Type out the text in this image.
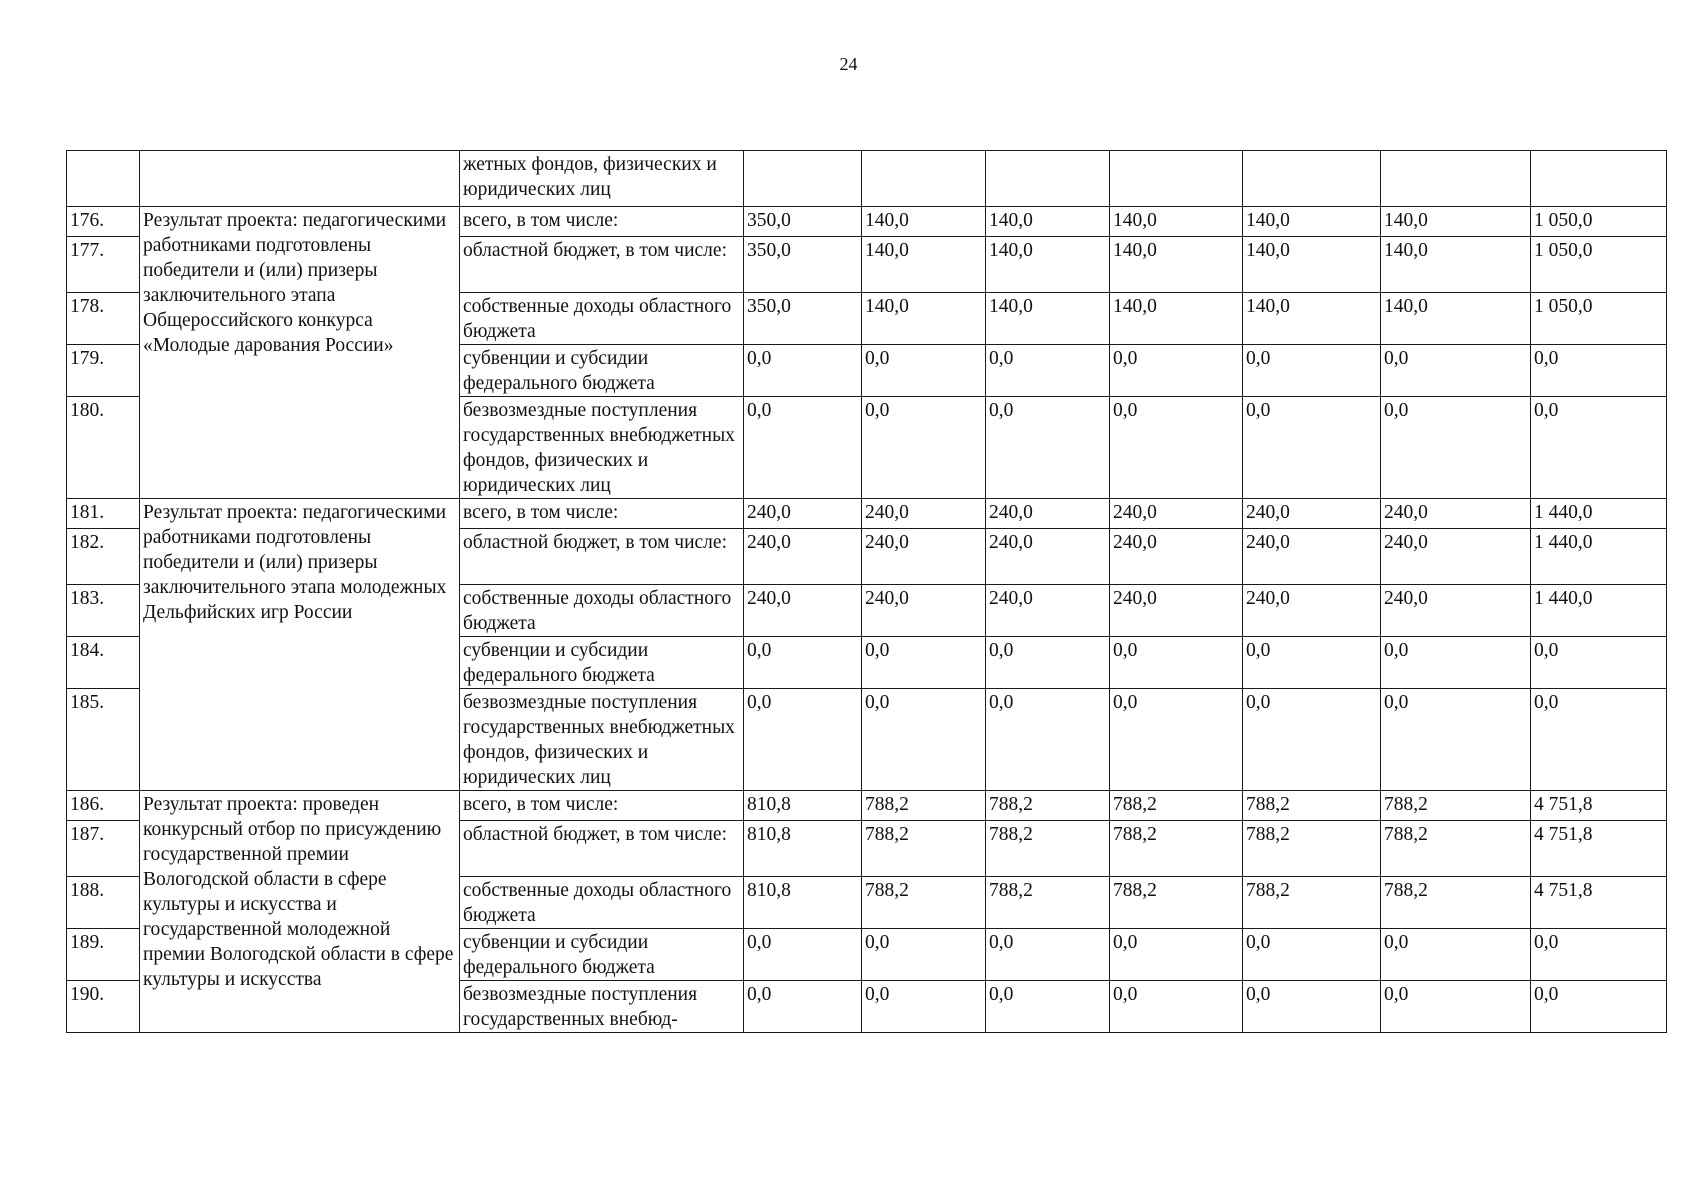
24
		жетных фондов, физических и юридических лиц							
176.	Результат проекта: педагогическими работниками подготовлены победители и (или) призеры заключительного этапа Общероссийского конкурса «Молодые дарования России»	всего, в том числе:	350,0	140,0	140,0	140,0	140,0	140,0	1 050,0
177.		областной бюджет, в том числе:	350,0	140,0	140,0	140,0	140,0	140,0	1 050,0
178.		собственные доходы областного бюджета	350,0	140,0	140,0	140,0	140,0	140,0	1 050,0
179.		субвенции и субсидии федерального бюджета	0,0	0,0	0,0	0,0	0,0	0,0	0,0
180.		безвозмездные поступления государственных внебюджетных фондов, физических и юридических лиц	0,0	0,0	0,0	0,0	0,0	0,0	0,0
181.	Результат проекта: педагогическими работниками подготовлены победители и (или) призеры заключительного этапа молодежных Дельфийских игр России	всего, в том числе:	240,0	240,0	240,0	240,0	240,0	240,0	1 440,0
182.		областной бюджет, в том числе:	240,0	240,0	240,0	240,0	240,0	240,0	1 440,0
183.		собственные доходы областного бюджета	240,0	240,0	240,0	240,0	240,0	240,0	1 440,0
184.		субвенции и субсидии федерального бюджета	0,0	0,0	0,0	0,0	0,0	0,0	0,0
185.		безвозмездные поступления государственных внебюджетных фондов, физических и юридических лиц	0,0	0,0	0,0	0,0	0,0	0,0	0,0
186.	Результат проекта: проведен конкурсный отбор по присуждению государственной премии Вологодской области в сфере культуры и искусства и государственной молодежной премии Вологодской области в сфере культуры и искусства	всего, в том числе:	810,8	788,2	788,2	788,2	788,2	788,2	4 751,8
187.		областной бюджет, в том числе:	810,8	788,2	788,2	788,2	788,2	788,2	4 751,8
188.		собственные доходы областного бюджета	810,8	788,2	788,2	788,2	788,2	788,2	4 751,8
189.		субвенции и субсидии федерального бюджета	0,0	0,0	0,0	0,0	0,0	0,0	0,0
190.		безвозмездные поступления государственных внебюд-	0,0	0,0	0,0	0,0	0,0	0,0	0,0
